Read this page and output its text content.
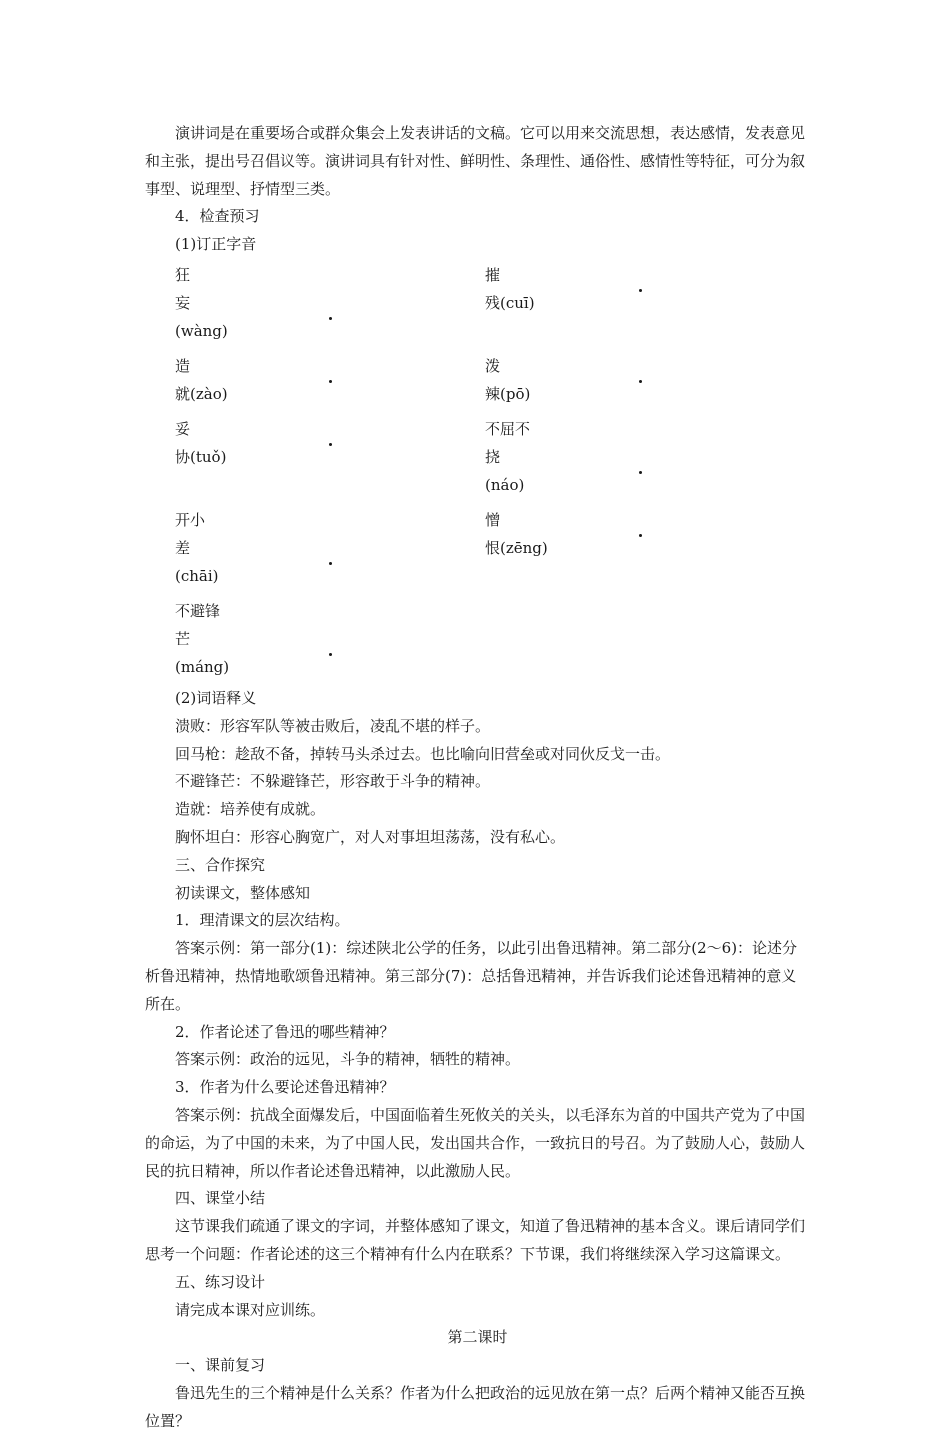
演讲词是在重要场合或群众集会上发表讲话的文稿。它可以用来交流思想，表达感情，发表意见和主张，提出号召倡议等。演讲词具有针对性、鲜明性、条理性、通俗性、感情性等特征，可分为叙事型、说理型、抒情型三类。

4．检查预习

(1)订正字音

狂
妄
(wàng)
摧
残(cuī)
造
就(zào)
泼
辣(pō)
妥
协(tuǒ)
不屈不
挠
(náo)
开小
差
(chāi)
憎
恨(zēng)
不避锋
芒
(máng)

(2)词语释义

溃败：形容军队等被击败后，凌乱不堪的样子。

回马枪：趁敌不备，掉转马头杀过去。也比喻向旧营垒或对同伙反戈一击。

不避锋芒：不躲避锋芒，形容敢于斗争的精神。

造就：培养使有成就。

胸怀坦白：形容心胸宽广，对人对事坦坦荡荡，没有私心。

三、合作探究

初读课文，整体感知

1．理清课文的层次结构。

答案示例：第一部分(1)：综述陕北公学的任务，以此引出鲁迅精神。第二部分(2～6)：论述分析鲁迅精神，热情地歌颂鲁迅精神。第三部分(7)：总括鲁迅精神，并告诉我们论述鲁迅精神的意义所在。

2．作者论述了鲁迅的哪些精神？

答案示例：政治的远见，斗争的精神，牺牲的精神。

3．作者为什么要论述鲁迅精神？

答案示例：抗战全面爆发后，中国面临着生死攸关的关头，以毛泽东为首的中国共产党为了中国的命运，为了中国的未来，为了中国人民，发出国共合作，一致抗日的号召。为了鼓励人心，鼓励人民的抗日精神，所以作者论述鲁迅精神，以此激励人民。

四、课堂小结

这节课我们疏通了课文的字词，并整体感知了课文，知道了鲁迅精神的基本含义。课后请同学们思考一个问题：作者论述的这三个精神有什么内在联系？下节课，我们将继续深入学习这篇课文。

五、练习设计

请完成本课对应训练。

第二课时

一、课前复习

鲁迅先生的三个精神是什么关系？作者为什么把政治的远见放在第一点？后两个精神又能否互换位置？
